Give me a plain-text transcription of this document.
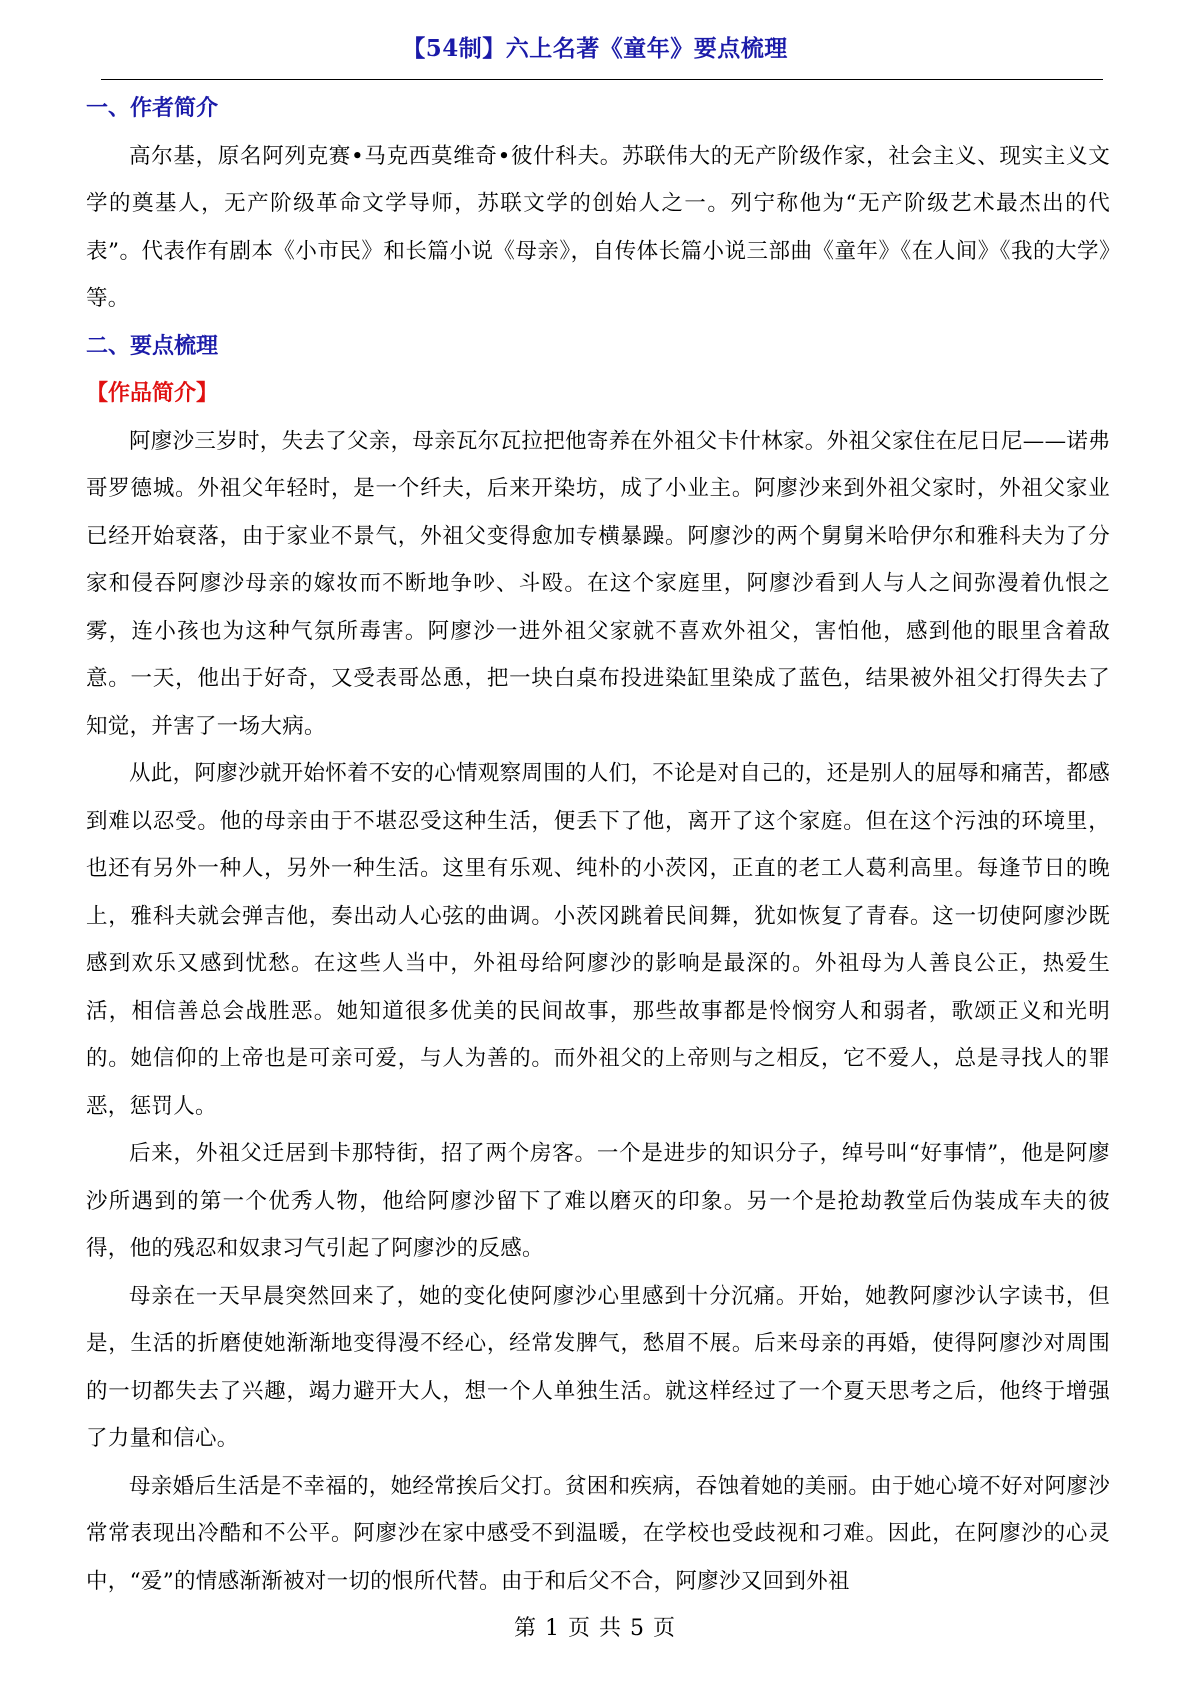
【54制】六上名著《童年》要点梳理
一、作者简介

高尔基，原名阿列克赛•马克西莫维奇•彼什科夫。苏联伟大的无产阶级作家，社会主义、现实主义文学的奠基人，无产阶级革命文学导师，苏联文学的创始人之一。列宁称他为“无产阶级艺术最杰出的代表”。代表作有剧本《小市民》和长篇小说《母亲》，自传体长篇小说三部曲《童年》《在人间》《我的大学》等。

二、要点梳理
【作品简介】

阿廖沙三岁时，失去了父亲，母亲瓦尔瓦拉把他寄养在外祖父卡什林家。外祖父家住在尼日尼——诺弗哥罗德城。外祖父年轻时，是一个纤夫，后来开染坊，成了小业主。阿廖沙来到外祖父家时，外祖父家业已经开始衰落，由于家业不景气，外祖父变得愈加专横暴躁。阿廖沙的两个舅舅米哈伊尔和雅科夫为了分家和侵吞阿廖沙母亲的嫁妆而不断地争吵、斗殴。在这个家庭里，阿廖沙看到人与人之间弥漫着仇恨之雾，连小孩也为这种气氛所毒害。阿廖沙一进外祖父家就不喜欢外祖父，害怕他，感到他的眼里含着敌意。一天，他出于好奇，又受表哥怂恿，把一块白桌布投进染缸里染成了蓝色，结果被外祖父打得失去了知觉，并害了一场大病。

从此，阿廖沙就开始怀着不安的心情观察周围的人们，不论是对自己的，还是别人的屈辱和痛苦，都感到难以忍受。他的母亲由于不堪忍受这种生活，便丢下了他，离开了这个家庭。但在这个污浊的环境里，也还有另外一种人，另外一种生活。这里有乐观、纯朴的小茨冈，正直的老工人葛利高里。每逢节日的晚上，雅科夫就会弹吉他，奏出动人心弦的曲调。小茨冈跳着民间舞，犹如恢复了青春。这一切使阿廖沙既感到欢乐又感到忧愁。在这些人当中，外祖母给阿廖沙的影响是最深的。外祖母为人善良公正，热爱生活，相信善总会战胜恶。她知道很多优美的民间故事，那些故事都是怜悯穷人和弱者，歌颂正义和光明的。她信仰的上帝也是可亲可爱，与人为善的。而外祖父的上帝则与之相反，它不爱人，总是寻找人的罪恶，惩罚人。

后来，外祖父迁居到卡那特街，招了两个房客。一个是进步的知识分子，绰号叫“好事情”，他是阿廖沙所遇到的第一个优秀人物，他给阿廖沙留下了难以磨灭的印象。另一个是抢劫教堂后伪装成车夫的彼得，他的残忍和奴隶习气引起了阿廖沙的反感。

母亲在一天早晨突然回来了，她的变化使阿廖沙心里感到十分沉痛。开始，她教阿廖沙认字读书，但是，生活的折磨使她渐渐地变得漫不经心，经常发脾气，愁眉不展。后来母亲的再婚，使得阿廖沙对周围的一切都失去了兴趣，竭力避开大人，想一个人单独生活。就这样经过了一个夏天思考之后，他终于增强了力量和信心。

母亲婚后生活是不幸福的，她经常挨后父打。贫困和疾病，吞蚀着她的美丽。由于她心境不好对阿廖沙常常表现出冷酷和不公平。阿廖沙在家中感受不到温暖，在学校也受歧视和刁难。因此，在阿廖沙的心灵中，“爱”的情感渐渐被对一切的恨所代替。由于和后父不合，阿廖沙又回到外祖

第 1 页 共 5 页
